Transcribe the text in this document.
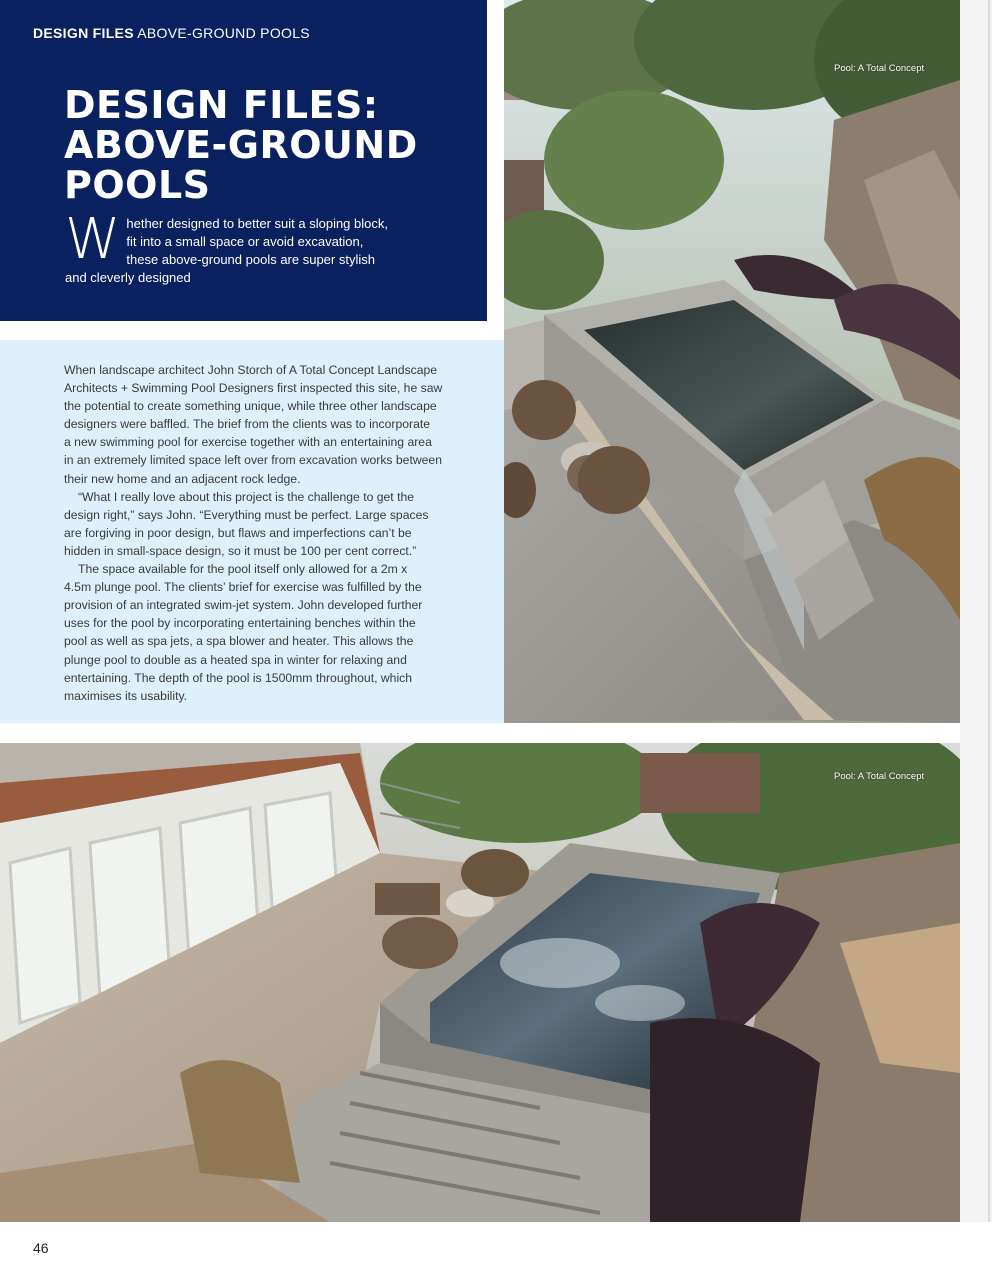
DESIGN FILES ABOVE-GROUND POOLS
DESIGN FILES:
ABOVE-GROUND
POOLS
W hether designed to better suit a sloping block,
fit into a small space or avoid excavation,
these above-ground pools are super stylish
and cleverly designed
When landscape architect John Storch of A Total Concept Landscape
Architects + Swimming Pool Designers first inspected this site, he saw
the potential to create something unique, while three other landscape
designers were baffled. The brief from the clients was to incorporate
a new swimming pool for exercise together with an entertaining area
in an extremely limited space left over from excavation works between
their new home and an adjacent rock ledge.
“What I really love about this project is the challenge to get the
design right,” says John. “Everything must be perfect. Large spaces
are forgiving in poor design, but flaws and imperfections can’t be
hidden in small-space design, so it must be 100 per cent correct.”
The space available for the pool itself only allowed for a 2m x
4.5m plunge pool. The clients’ brief for exercise was fulfilled by the
provision of an integrated swim-jet system. John developed further
uses for the pool by incorporating entertaining benches within the
pool as well as spa jets, a spa blower and heater. This allows the
plunge pool to double as a heated spa in winter for relaxing and
entertaining. The depth of the pool is 1500mm throughout, which
maximises its usability.
Pool: A Total Concept
Pool: A Total Concept
46
